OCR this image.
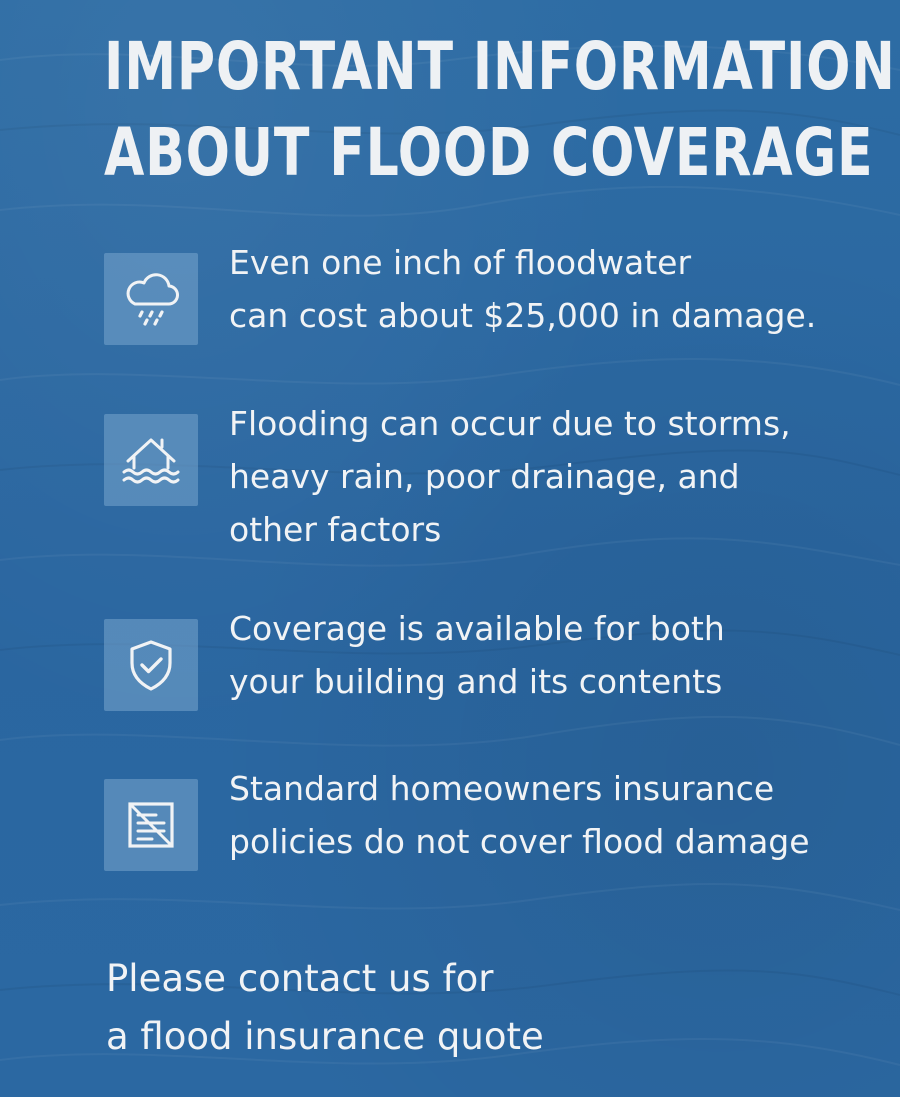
IMPORTANT INFORMATION
ABOUT FLOOD COVERAGE

Even one inch of floodwater
can cost about $25,000 in damage.

Flooding can occur due to storms,
heavy rain, poor drainage, and
other factors

Coverage is available for both
your building and its contents

Standard homeowners insurance
policies do not cover flood damage

Please contact us for
a flood insurance quote
